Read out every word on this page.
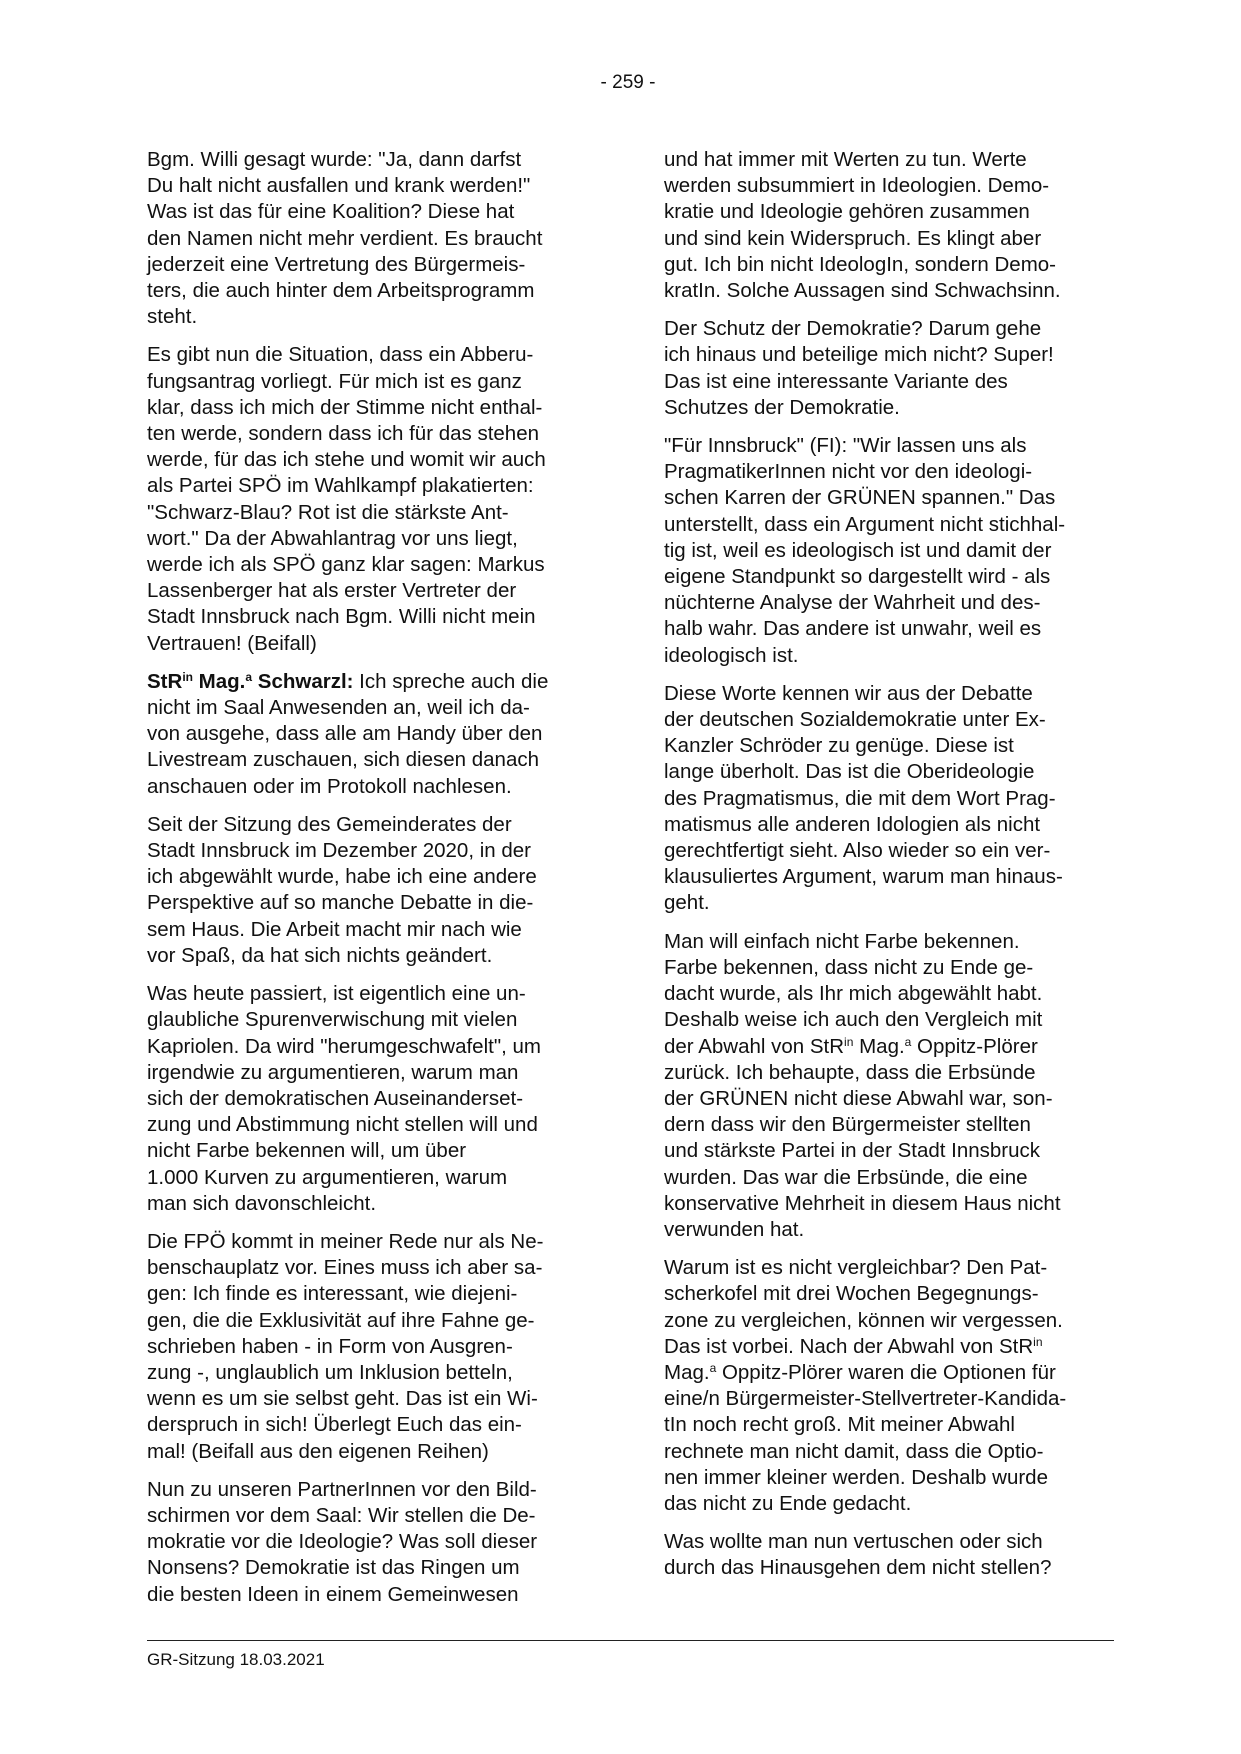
- 259 -

Bgm. Willi gesagt wurde: "Ja, dann darfst
Du halt nicht ausfallen und krank werden!"
Was ist das für eine Koalition? Diese hat
den Namen nicht mehr verdient. Es braucht
jederzeit eine Vertretung des Bürgermeis-
ters, die auch hinter dem Arbeitsprogramm
steht.

Es gibt nun die Situation, dass ein Abberu-
fungsantrag vorliegt. Für mich ist es ganz
klar, dass ich mich der Stimme nicht enthal-
ten werde, sondern dass ich für das stehen
werde, für das ich stehe und womit wir auch
als Partei SPÖ im Wahlkampf plakatierten:
"Schwarz-Blau? Rot ist die stärkste Ant-
wort." Da der Abwahlantrag vor uns liegt,
werde ich als SPÖ ganz klar sagen: Markus
Lassenberger hat als erster Vertreter der
Stadt Innsbruck nach Bgm. Willi nicht mein
Vertrauen! (Beifall)

StR$^{in}$ Mag.$^a$ Schwarzl: Ich spreche auch die
nicht im Saal Anwesenden an, weil ich da-
von ausgehe, dass alle am Handy über den
Livestream zuschauen, sich diesen danach
anschauen oder im Protokoll nachlesen.

Seit der Sitzung des Gemeinderates der
Stadt Innsbruck im Dezember 2020, in der
ich abgewählt wurde, habe ich eine andere
Perspektive auf so manche Debatte in die-
sem Haus. Die Arbeit macht mir nach wie
vor Spaß, da hat sich nichts geändert.

Was heute passiert, ist eigentlich eine un-
glaubliche Spurenverwischung mit vielen
Kapriolen. Da wird "herumgeschwafelt", um
irgendwie zu argumentieren, warum man
sich der demokratischen Auseinanderset-
zung und Abstimmung nicht stellen will und
nicht Farbe bekennen will, um über
1.000 Kurven zu argumentieren, warum
man sich davonschleicht.

Die FPÖ kommt in meiner Rede nur als Ne-
benschauplatz vor. Eines muss ich aber sa-
gen: Ich finde es interessant, wie diejeni-
gen, die die Exklusivität auf ihre Fahne ge-
schrieben haben - in Form von Ausgren-
zung -, unglaublich um Inklusion betteln,
wenn es um sie selbst geht. Das ist ein Wi-
derspruch in sich! Überlegt Euch das ein-
mal! (Beifall aus den eigenen Reihen)

Nun zu unseren PartnerInnen vor den Bild-
schirmen vor dem Saal: Wir stellen die De-
mokratie vor die Ideologie? Was soll dieser
Nonsens? Demokratie ist das Ringen um
die besten Ideen in einem Gemeinwesen

und hat immer mit Werten zu tun. Werte
werden subsummiert in Ideologien. Demo-
kratie und Ideologie gehören zusammen
und sind kein Widerspruch. Es klingt aber
gut. Ich bin nicht IdeologIn, sondern Demo-
kratIn. Solche Aussagen sind Schwachsinn.

Der Schutz der Demokratie? Darum gehe
ich hinaus und beteilige mich nicht? Super!
Das ist eine interessante Variante des
Schutzes der Demokratie.

"Für Innsbruck" (FI): "Wir lassen uns als
PragmatikerInnen nicht vor den ideologi-
schen Karren der GRÜNEN spannen." Das
unterstellt, dass ein Argument nicht stichhal-
tig ist, weil es ideologisch ist und damit der
eigene Standpunkt so dargestellt wird - als
nüchterne Analyse der Wahrheit und des-
halb wahr. Das andere ist unwahr, weil es
ideologisch ist.

Diese Worte kennen wir aus der Debatte
der deutschen Sozialdemokratie unter Ex-
Kanzler Schröder zu genüge. Diese ist
lange überholt. Das ist die Oberideologie
des Pragmatismus, die mit dem Wort Prag-
matismus alle anderen Idologien als nicht
gerechtfertigt sieht. Also wieder so ein ver-
klausuliertes Argument, warum man hinaus-
geht.

Man will einfach nicht Farbe bekennen.
Farbe bekennen, dass nicht zu Ende ge-
dacht wurde, als Ihr mich abgewählt habt.
Deshalb weise ich auch den Vergleich mit
der Abwahl von StR$^{in}$ Mag.$^a$ Oppitz-Plörer
zurück. Ich behaupte, dass die Erbsünde
der GRÜNEN nicht diese Abwahl war, son-
dern dass wir den Bürgermeister stellten
und stärkste Partei in der Stadt Innsbruck
wurden. Das war die Erbsünde, die eine
konservative Mehrheit in diesem Haus nicht
verwunden hat.

Warum ist es nicht vergleichbar? Den Pat-
scherkofel mit drei Wochen Begegnungs-
zone zu vergleichen, können wir vergessen.
Das ist vorbei. Nach der Abwahl von StR$^{in}$
Mag.$^a$ Oppitz-Plörer waren die Optionen für
eine/n Bürgermeister-Stellvertreter-Kandida-
tIn noch recht groß. Mit meiner Abwahl
rechnete man nicht damit, dass die Optio-
nen immer kleiner werden. Deshalb wurde
das nicht zu Ende gedacht.

Was wollte man nun vertuschen oder sich
durch das Hinausgehen dem nicht stellen?

GR-Sitzung 18.03.2021
